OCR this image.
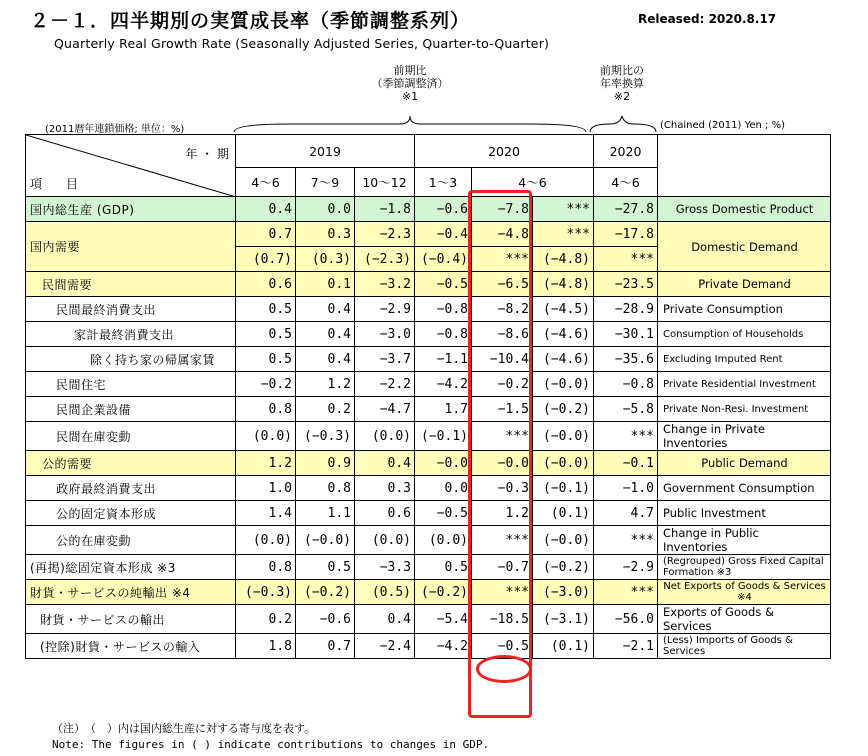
２－１．四半期別の実質成長率（季節調整系列）	Released: 2020.8.17
Quarterly Real Growth Rate (Seasonally Adjusted Series, Quarter-to-Quarter)
前期比
（季節調整済）
※1
前期比の
年率換算
※2
(2011暦年連鎖価格; 単位：%)	(Chained (2011) Yen ; %)
年 ・ 期
項　　目	2019			2020			2020	
	4～6	7～9	10～12	1～3	4～6		4～6	
国内総生産 (GDP)	0.4	0.0	−1.8	−0.6	−7.8	***	−27.8	Gross Domestic Product
国内需要	0.7	0.3	−2.3	−0.4	−4.8	***	−17.8	Domestic Demand
	(0.7)	(0.3)	(−2.3)	(−0.4)	***	(−4.8)	***	
民間需要	0.6	0.1	−3.2	−0.5	−6.5	(−4.8)	−23.5	Private Demand
民間最終消費支出	0.5	0.4	−2.9	−0.8	−8.2	(−4.5)	−28.9	Private Consumption
家計最終消費支出	0.5	0.4	−3.0	−0.8	−8.6	(−4.6)	−30.1	Consumption of Households
除く持ち家の帰属家賃	0.5	0.4	−3.7	−1.1	−10.4	(−4.6)	−35.6	Excluding Imputed Rent
民間住宅	−0.2	1.2	−2.2	−4.2	−0.2	(−0.0)	−0.8	Private Residential Investment
民間企業設備	0.8	0.2	−4.7	1.7	−1.5	(−0.2)	−5.8	Private Non-Resi. Investment
民間在庫変動	(0.0)	(−0.3)	(0.0)	(−0.1)	***	(−0.0)	***	Change in Private Inventories
公的需要	1.2	0.9	0.4	−0.0	−0.0	(−0.0)	−0.1	Public Demand
政府最終消費支出	1.0	0.8	0.3	0.0	−0.3	(−0.1)	−1.0	Government Consumption
公的固定資本形成	1.4	1.1	0.6	−0.5	1.2	(0.1)	4.7	Public Investment
公的在庫変動	(0.0)	(−0.0)	(0.0)	(0.0)	***	(−0.0)	***	Change in Public Inventories
(再掲)総固定資本形成 ※3	0.8	0.5	−3.3	0.5	−0.7	(−0.2)	−2.9	(Regrouped) Gross Fixed Capital Formation ※3
財貨・サービスの純輸出 ※4	(−0.3)	(−0.2)	(0.5)	(−0.2)	***	(−3.0)	***	Net Exports of Goods & Services ※4
財貨・サービスの輸出	0.2	−0.6	0.4	−5.4	−18.5	(−3.1)	−56.0	Exports of Goods & Services
(控除)財貨・サービスの輸入	1.8	0.7	−2.4	−4.2	−0.5	(0.1)	−2.1	(Less) Imports of Goods & Services
（注）　（　）内は国内総生産に対する寄与度を表す。
Note: The figures in ( ) indicate contributions to changes in GDP.
